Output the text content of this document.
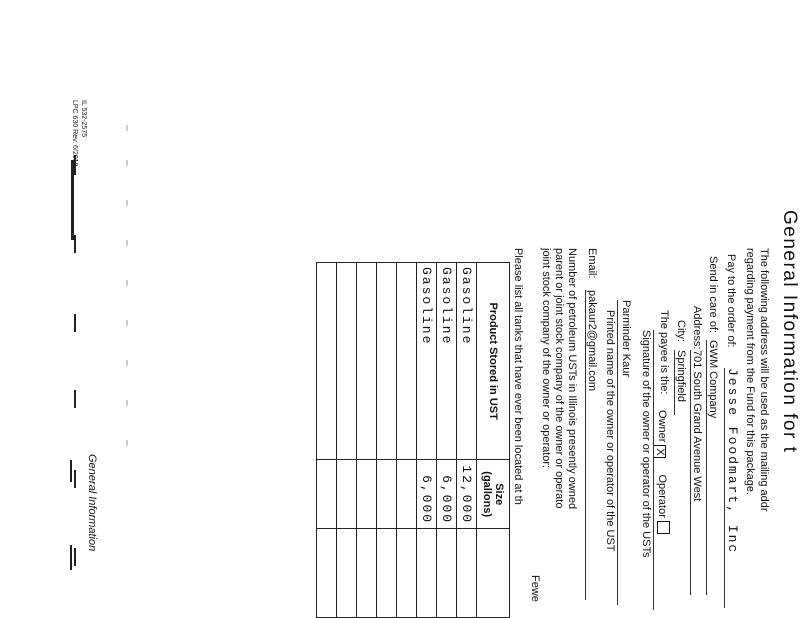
General Information for t
The following address will be used as the mailing addr
regarding payment from the Fund for this package.
Pay to the order of:
Jesse Foodmart, Inc
Send in care of:
GWM Company
Address:
701 South Grand Avenue West
City:
Springfield
The payee is the:
OwnerX Operator
Signature of the owner or operator of the USTs
Parminder Kaur
Printed name of the owner or operator of the UST
Email:
pakaur2@gmail.com
Number of petroleum USTs in Illinois presently owned
parent or joint stock company of the owner or operato
joint stock company of the owner or operator:
Fewe
Please list all tanks that have ever been located at th
Product Stored in UST	Size (gallons)	
Gasoline	12,000	
Gasoline	6,000	
Gasoline	6,000	

IL 532-2575
LPC 630 Rev. 6/2018
General Information
